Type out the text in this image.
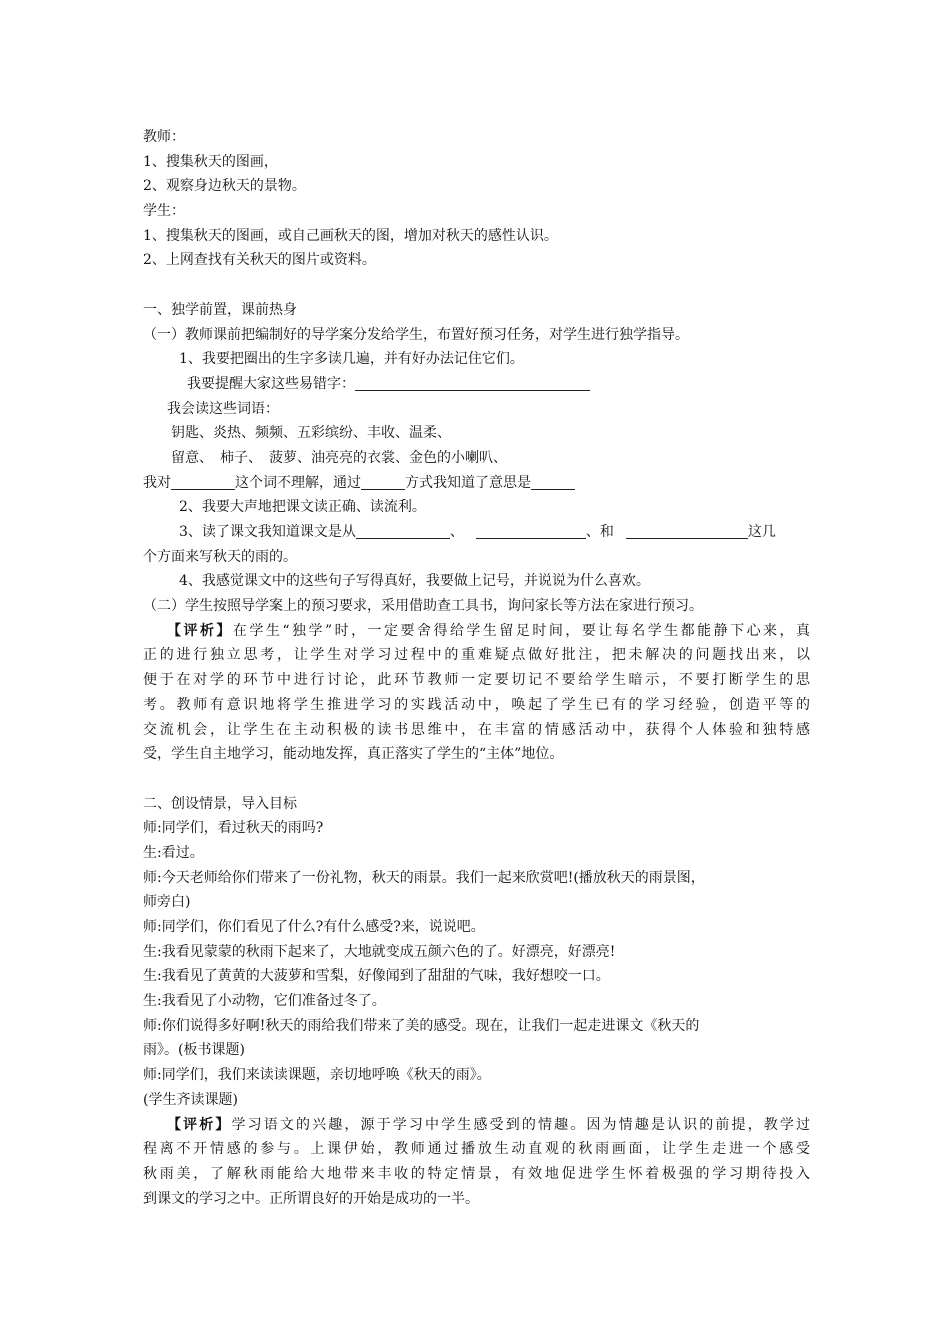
教师：
1、搜集秋天的图画，
2、观察身边秋天的景物。
学生：
1、搜集秋天的图画，或自己画秋天的图，增加对秋天的感性认识。
2、上网查找有关秋天的图片或资料。
一、独学前置，课前热身
（一）教师课前把编制好的导学案分发给学生，布置好预习任务，对学生进行独学指导。
1、我要把圈出的生字多读几遍，并有好办法记住它们。
我要提醒大家这些易错字：
我会读这些词语：
钥匙、炎热、频频、五彩缤纷、丰收、温柔、
留意、　柿子、　菠萝、油亮亮的衣裳、金色的小喇叭、
我对	这个词不理解，通过	方式我知道了意思是
2、我要大声地把课文读正确、读流利。
3、读了课文我知道课文是从	、	、和	这几
个方面来写秋天的雨的。
4、我感觉课文中的这些句子写得真好，我要做上记号，并说说为什么喜欢。
（二）学生按照导学案上的预习要求，采用借助查工具书，询问家长等方法在家进行预习。
【评析】在学生“独学”时，一定要舍得给学生留足时间，要让每名学生都能静下心来，真
正的进行独立思考，让学生对学习过程中的重难疑点做好批注，把未解决的问题找出来，以
便于在对学的环节中进行讨论，此环节教师一定要切记不要给学生暗示，不要打断学生的思
考。教师有意识地将学生推进学习的实践活动中，唤起了学生已有的学习经验，创造平等的
交流机会，让学生在主动积极的读书思维中，在丰富的情感活动中，获得个人体验和独特感
受，学生自主地学习，能动地发挥，真正落实了学生的“主体”地位。
二、创设情景，导入目标
师:同学们，看过秋天的雨吗?
生:看过。
师:今天老师给你们带来了一份礼物，秋天的雨景。我们一起来欣赏吧!(播放秋天的雨景图，
师旁白)
师:同学们，你们看见了什么?有什么感受?来，说说吧。
生:我看见蒙蒙的秋雨下起来了，大地就变成五颜六色的了。好漂亮，好漂亮!
生:我看见了黄黄的大菠萝和雪梨，好像闻到了甜甜的气味，我好想咬一口。
生:我看见了小动物，它们准备过冬了。
师:你们说得多好啊!秋天的雨给我们带来了美的感受。现在，让我们一起走进课文《秋天的
雨》。(板书课题)
师:同学们，我们来读读课题，亲切地呼唤《秋天的雨》。
(学生齐读课题)
【评析】学习语文的兴趣，源于学习中学生感受到的情趣。因为情趣是认识的前提，教学过
程离不开情感的参与。上课伊始，教师通过播放生动直观的秋雨画面，让学生走进一个感受
秋雨美，了解秋雨能给大地带来丰收的特定情景，有效地促进学生怀着极强的学习期待投入
到课文的学习之中。正所谓良好的开始是成功的一半。
